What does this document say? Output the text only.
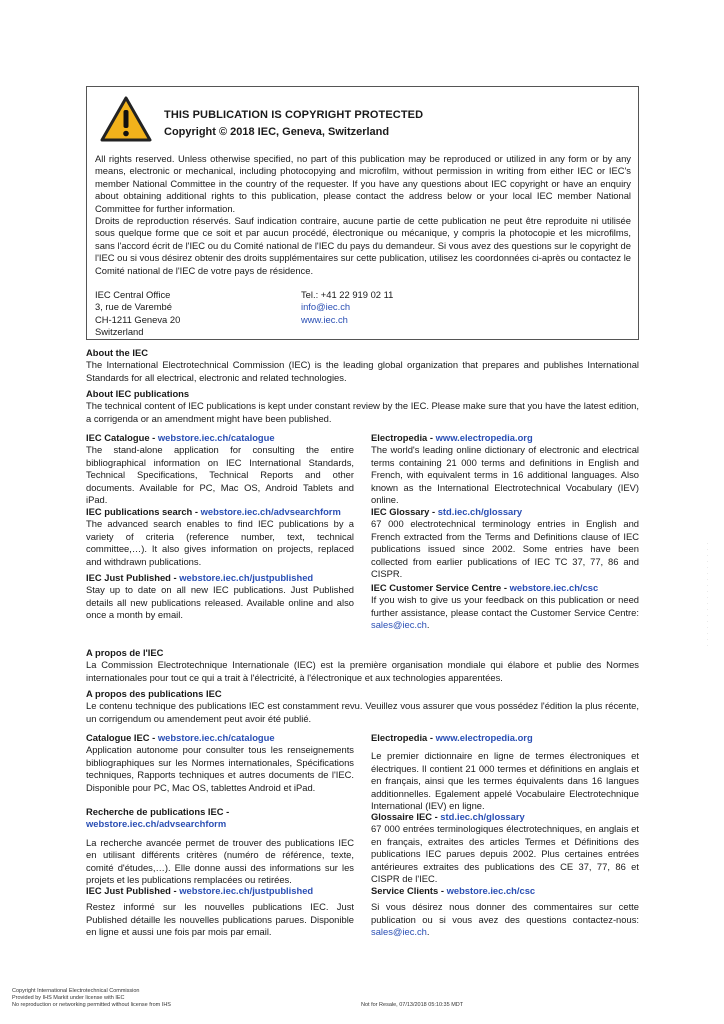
THIS PUBLICATION IS COPYRIGHT PROTECTED
Copyright © 2018 IEC, Geneva, Switzerland
All rights reserved. Unless otherwise specified, no part of this publication may be reproduced or utilized in any form or by any means, electronic or mechanical, including photocopying and microfilm, without permission in writing from either IEC or IEC's member National Committee in the country of the requester. If you have any questions about IEC copyright or have an enquiry about obtaining additional rights to this publication, please contact the address below or your local IEC member National Committee for further information.
Droits de reproduction réservés. Sauf indication contraire, aucune partie de cette publication ne peut être reproduite ni utilisée sous quelque forme que ce soit et par aucun procédé, électronique ou mécanique, y compris la photocopie et les microfilms, sans l'accord écrit de l'IEC ou du Comité national de l'IEC du pays du demandeur. Si vous avez des questions sur le copyright de l'IEC ou si vous désirez obtenir des droits supplémentaires sur cette publication, utilisez les coordonnées ci-après ou contactez le Comité national de l'IEC de votre pays de résidence.
IEC Central Office
3, rue de Varembé
CH-1211 Geneva 20
Switzerland
Tel.: +41 22 919 02 11
info@iec.ch
www.iec.ch
About the IEC

The International Electrotechnical Commission (IEC) is the leading global organization that prepares and publishes International Standards for all electrical, electronic and related technologies.

About IEC publications

The technical content of IEC publications is kept under constant review by the IEC. Please make sure that you have the latest edition, a corrigenda or an amendment might have been published.

IEC Catalogue - webstore.iec.ch/catalogue

The stand-alone application for consulting the entire bibliographical information on IEC International Standards, Technical Specifications, Technical Reports and other documents. Available for PC, Mac OS, Android Tablets and iPad.

IEC publications search - webstore.iec.ch/advsearchform

The advanced search enables to find IEC publications by a variety of criteria (reference number, text, technical committee,…). It also gives information on projects, replaced and withdrawn publications.

IEC Just Published - webstore.iec.ch/justpublished

Stay up to date on all new IEC publications. Just Published details all new publications released. Available online and also once a month by email.

Electropedia - www.electropedia.org

The world's leading online dictionary of electronic and electrical terms containing 21 000 terms and definitions in English and French, with equivalent terms in 16 additional languages. Also known as the International Electrotechnical Vocabulary (IEV) online.

IEC Glossary - std.iec.ch/glossary

67 000 electrotechnical terminology entries in English and French extracted from the Terms and Definitions clause of IEC publications issued since 2002. Some entries have been collected from earlier publications of IEC TC 37, 77, 86 and CISPR.

IEC Customer Service Centre - webstore.iec.ch/csc

If you wish to give us your feedback on this publication or need further assistance, please contact the Customer Service Centre: sales@iec.ch.

A propos de l'IEC

La Commission Electrotechnique Internationale (IEC) est la première organisation mondiale qui élabore et publie des Normes internationales pour tout ce qui a trait à l'électricité, à l'électronique et aux technologies apparentées.

A propos des publications IEC

Le contenu technique des publications IEC est constamment revu. Veuillez vous assurer que vous possédez l'édition la plus récente, un corrigendum ou amendement peut avoir été publié.

Catalogue IEC - webstore.iec.ch/catalogue

Application autonome pour consulter tous les renseignements bibliographiques sur les Normes internationales, Spécifications techniques, Rapports techniques et autres documents de l'IEC. Disponible pour PC, Mac OS, tablettes Android et iPad.

Recherche de publications IEC -
webstore.iec.ch/advsearchform

La recherche avancée permet de trouver des publications IEC en utilisant différents critères (numéro de référence, texte, comité d'études,…). Elle donne aussi des informations sur les projets et les publications remplacées ou retirées.

IEC Just Published - webstore.iec.ch/justpublished

Restez informé sur les nouvelles publications IEC. Just Published détaille les nouvelles publications parues. Disponible en ligne et aussi une fois par mois par email.

Electropedia - www.electropedia.org

Le premier dictionnaire en ligne de termes électroniques et électriques. Il contient 21 000 termes et définitions en anglais et en français, ainsi que les termes équivalents dans 16 langues additionnelles. Egalement appelé Vocabulaire Electrotechnique International (IEV) en ligne.

Glossaire IEC - std.iec.ch/glossary

67 000 entrées terminologiques électrotechniques, en anglais et en français, extraites des articles Termes et Définitions des publications IEC parues depuis 2002. Plus certaines entrées antérieures extraites des publications des CE 37, 77, 86 et CISPR de l'IEC.

Service Clients - webstore.iec.ch/csc

Si vous désirez nous donner des commentaires sur cette publication ou si vous avez des questions contactez-nous: sales@iec.ch.

.
.
.
.
.
.
.
.
.
.
.
.
.
.
.
.
.
.
Copyright International Electrotechnical Commission
Provided by IHS Markit under license with IEC
No reproduction or networking permitted without license from IHS	Not for Resale, 07/13/2018 05:10:35 MDT
